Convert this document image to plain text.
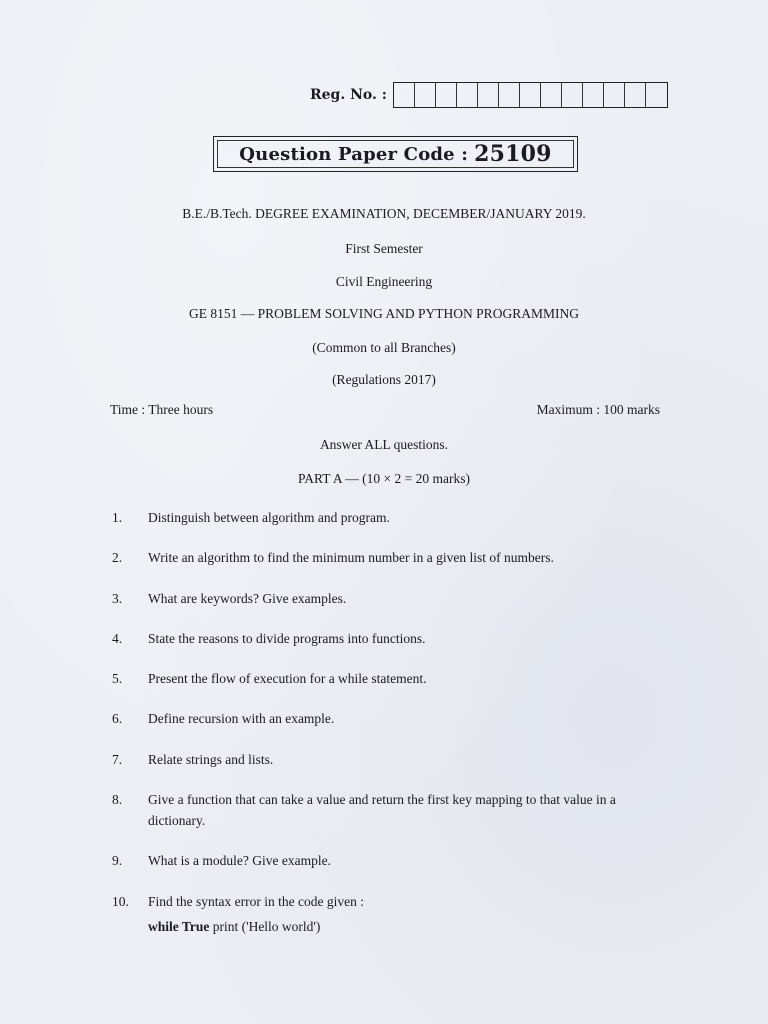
Reg. No. :
Question Paper Code : 25109
B.E./B.Tech. DEGREE EXAMINATION, DECEMBER/JANUARY 2019.
First Semester
Civil Engineering
GE 8151 — PROBLEM SOLVING AND PYTHON PROGRAMMING
(Common to all Branches)
(Regulations 2017)
Time : Three hours	Maximum : 100 marks
Answer ALL questions.
PART A — (10 × 2 = 20 marks)
1.	Distinguish between algorithm and program.
2.	Write an algorithm to find the minimum number in a given list of numbers.
3.	What are keywords? Give examples.
4.	State the reasons to divide programs into functions.
5.	Present the flow of execution for a while statement.
6.	Define recursion with an example.
7.	Relate strings and lists.
8.	Give a function that can take a value and return the first key mapping to that value in a dictionary.
9.	What is a module? Give example.
10.	Find the syntax error in the code given :
while True print ('Hello world')
